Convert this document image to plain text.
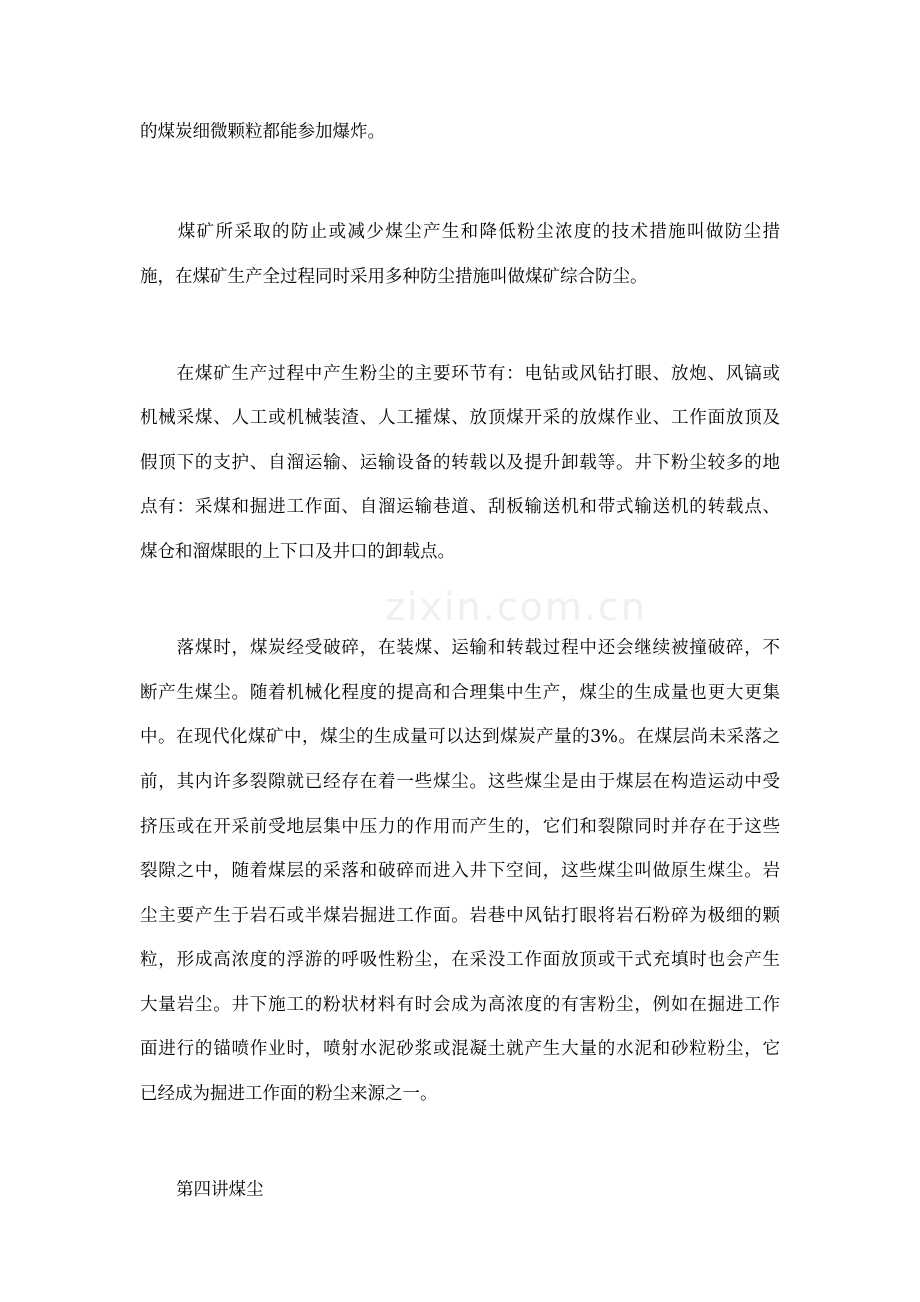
zixin.com.cn
的煤炭细微颗粒都能参加爆炸。
　　煤矿所采取的防止或减少煤尘产生和降低粉尘浓度的技术措施叫做防尘措
施，在煤矿生产全过程同时采用多种防尘措施叫做煤矿综合防尘。
　　在煤矿生产过程中产生粉尘的主要环节有：电钻或风钻打眼、放炮、风镐或
机械采煤、人工或机械装渣、人工攉煤、放顶煤开采的放煤作业、工作面放顶及
假顶下的支护、自溜运输、运输设备的转载以及提升卸载等。井下粉尘较多的地
点有：采煤和掘进工作面、自溜运输巷道、刮板输送机和带式输送机的转载点、
煤仓和溜煤眼的上下口及井口的卸载点。
　　落煤时，煤炭经受破碎，在装煤、运输和转载过程中还会继续被撞破碎，不
断产生煤尘。随着机械化程度的提高和合理集中生产，煤尘的生成量也更大更集
中。在现代化煤矿中，煤尘的生成量可以达到煤炭产量的3%。在煤层尚未采落之
前，其内许多裂隙就已经存在着一些煤尘。这些煤尘是由于煤层在构造运动中受
挤压或在开采前受地层集中压力的作用而产生的，它们和裂隙同时并存在于这些
裂隙之中，随着煤层的采落和破碎而进入井下空间，这些煤尘叫做原生煤尘。岩
尘主要产生于岩石或半煤岩掘进工作面。岩巷中风钻打眼将岩石粉碎为极细的颗
粒，形成高浓度的浮游的呼吸性粉尘，在采没工作面放顶或干式充填时也会产生
大量岩尘。井下施工的粉状材料有时会成为高浓度的有害粉尘，例如在掘进工作
面进行的锚喷作业时，喷射水泥砂浆或混凝土就产生大量的水泥和砂粒粉尘，它
已经成为掘进工作面的粉尘来源之一。
第四讲煤尘
